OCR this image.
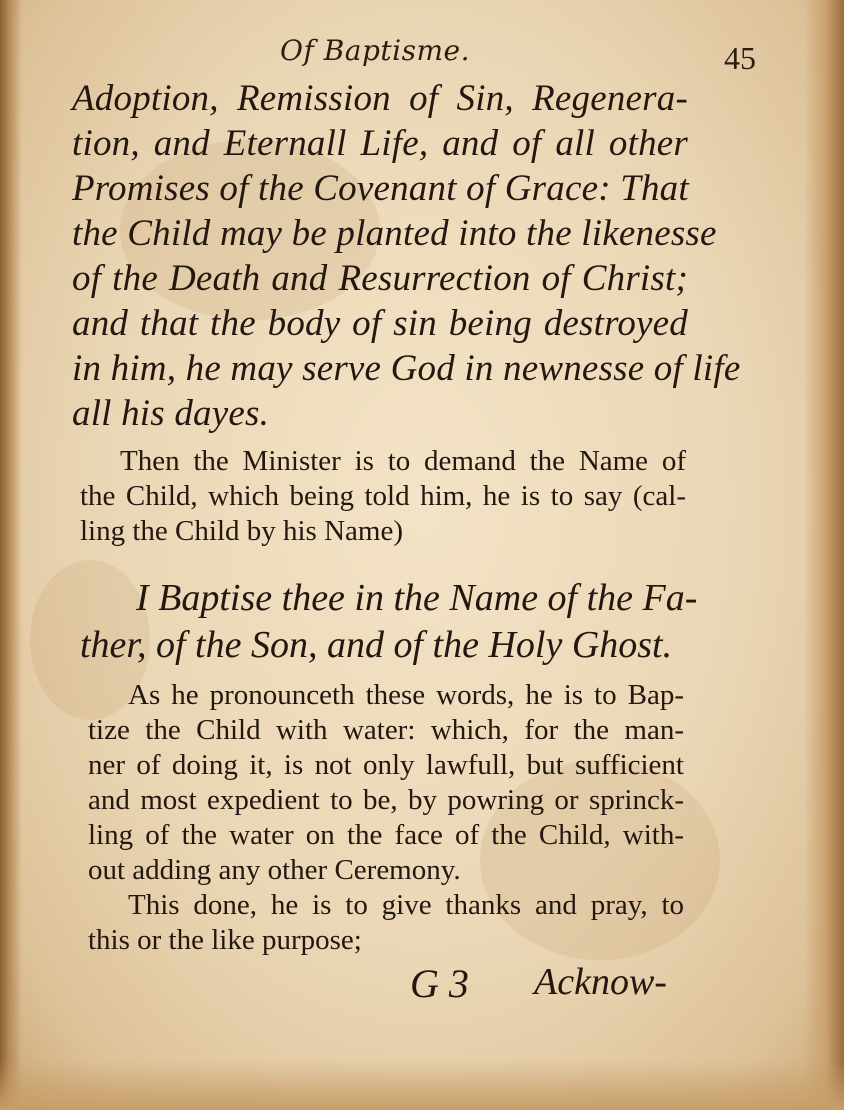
Of Baptisme.	45
Adoption, Remission of Sin, Regenera-
tion, and Eternall Life, and of all other
Promises of the Covenant of Grace: That
the Child may be planted into the likenesse
of the Death and Resurrection of Christ;
and that the body of sin being destroyed
in him, he may serve God in newnesse of life
all his dayes.
Then the Minister is to demand the Name of
the Child, which being told him, he is to say (cal-
ling the Child by his Name)
I Baptise thee in the Name of the Fa-
ther, of the Son, and of the Holy Ghost.
As he pronounceth these words, he is to Bap-
tize the Child with water: which, for the man-
ner of doing it, is not only lawfull, but sufficient
and most expedient to be, by powring or sprinck-
ling of the water on the face of the Child, with-
out adding any other Ceremony.
This done, he is to give thanks and pray, to
this or the like purpose;
G 3 Acknow-
